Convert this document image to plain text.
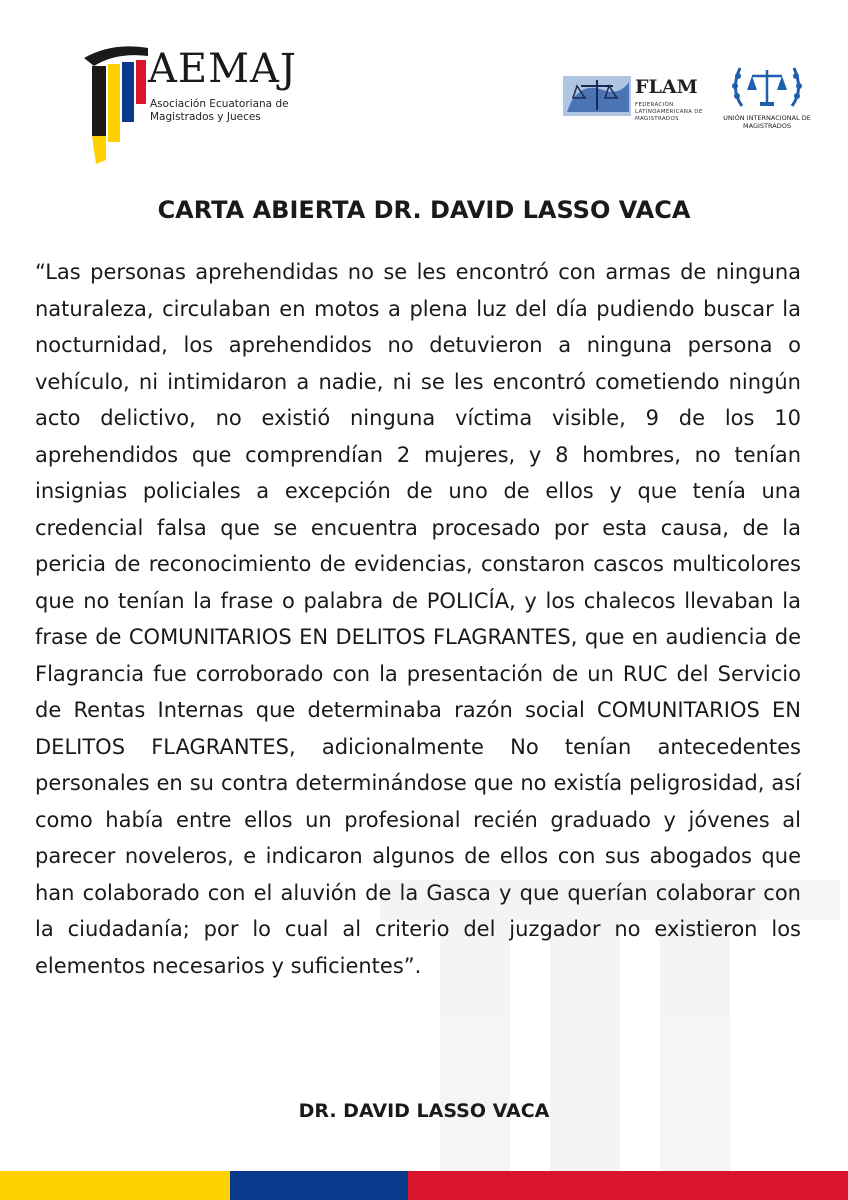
AEMAJ
Asociación Ecuatoriana de Magistrados y Jueces
FLAM
FEDERACIÓN LATINOAMERICANA DE MAGISTRADOS	UNIÓN INTERNACIONAL DE MAGISTRADOS
CARTA ABIERTA DR. DAVID LASSO VACA
“Las personas aprehendidas no se les encontró con armas de ninguna naturaleza, circulaban en motos a plena luz del día pudiendo buscar la nocturnidad, los aprehendidos no detuvieron a ninguna persona o vehículo, ni intimidaron a nadie, ni se les encontró cometiendo ningún acto delictivo, no existió ninguna víctima visible, 9 de los 10 aprehendidos que comprendían 2 mujeres, y 8 hombres, no tenían insignias policiales a excepción de uno de ellos y que tenía una credencial falsa que se encuentra procesado por esta causa, de la pericia de reconocimiento de evidencias, constaron cascos multicolores que no tenían la frase o palabra de POLICÍA, y los chalecos llevaban la frase de COMUNITARIOS EN DELITOS FLAGRANTES, que en audiencia de Flagrancia fue corroborado con la presentación de un RUC del Servicio de Rentas Internas que determinaba razón social COMUNITARIOS EN DELITOS FLAGRANTES, adicionalmente No tenían antecedentes personales en su contra determinándose que no existía peligrosidad, así como había entre ellos un profesional recién graduado y jóvenes al parecer noveleros, e indicaron algunos de ellos con sus abogados que han colaborado con el aluvión de la Gasca y que querían colaborar con la ciudadanía; por lo cual al criterio del juzgador no existieron los elementos necesarios y suficientes”.
DR. DAVID LASSO VACA
